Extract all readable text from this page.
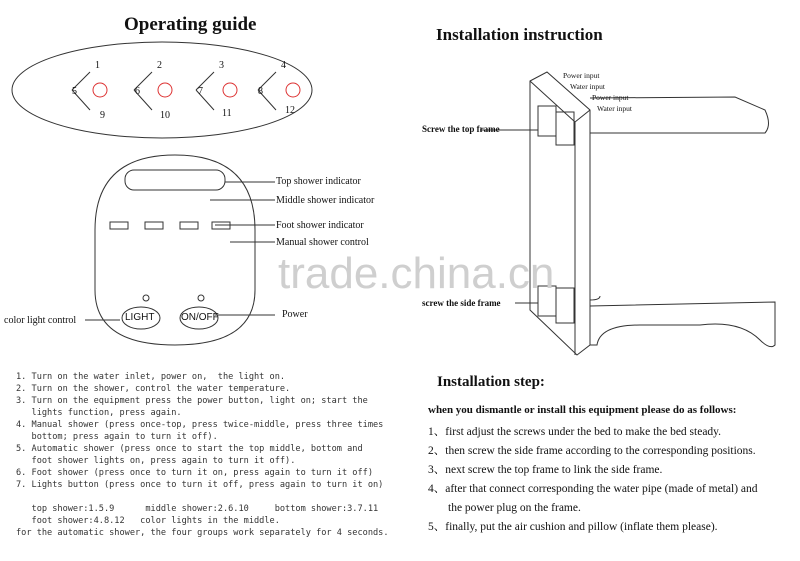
Operating guide	Installation instruction
1	2	3	4
5	6	7	8
9	10	11	12
Top shower indicator
Middle shower indicator
Foot shower indicator
Manual shower control
Power
color light control	LIGHT	ON/OFF
1. Turn on the water inlet, power on,  the light on.
2. Turn on the shower, control the water temperature.
3. Turn on the equipment press the power button, light on; start the
lights function, press again.
4. Manual shower (press once-top, press twice-middle, press three times
bottom; press again to turn it off).
5. Automatic shower (press once to start the top middle, bottom and
foot shower lights on, press again to turn it off).
6. Foot shower (press once to turn it on, press again to turn it off)
7. Lights button (press once to turn it off, press again to turn it on)
top shower:1.5.9      middle shower:2.6.10     bottom shower:3.7.11
foot shower:4.8.12   color lights in the middle.
for the automatic shower, the four groups work separately for 4 seconds.
Power input
Water input
Power input
Water input
Screw the top frame
screw the side frame
Installation step:
when you dismantle or install this equipment please do as follows:
1、first adjust the screws under the bed to make the bed steady.
2、then screw the side frame according to the corresponding positions.
3、next screw the top frame to link the side frame.
4、after that connect corresponding the water pipe (made of metal) and
the power plug on the frame.
5、finally, put the air cushion and pillow (inflate them please).
trade.china.cn
